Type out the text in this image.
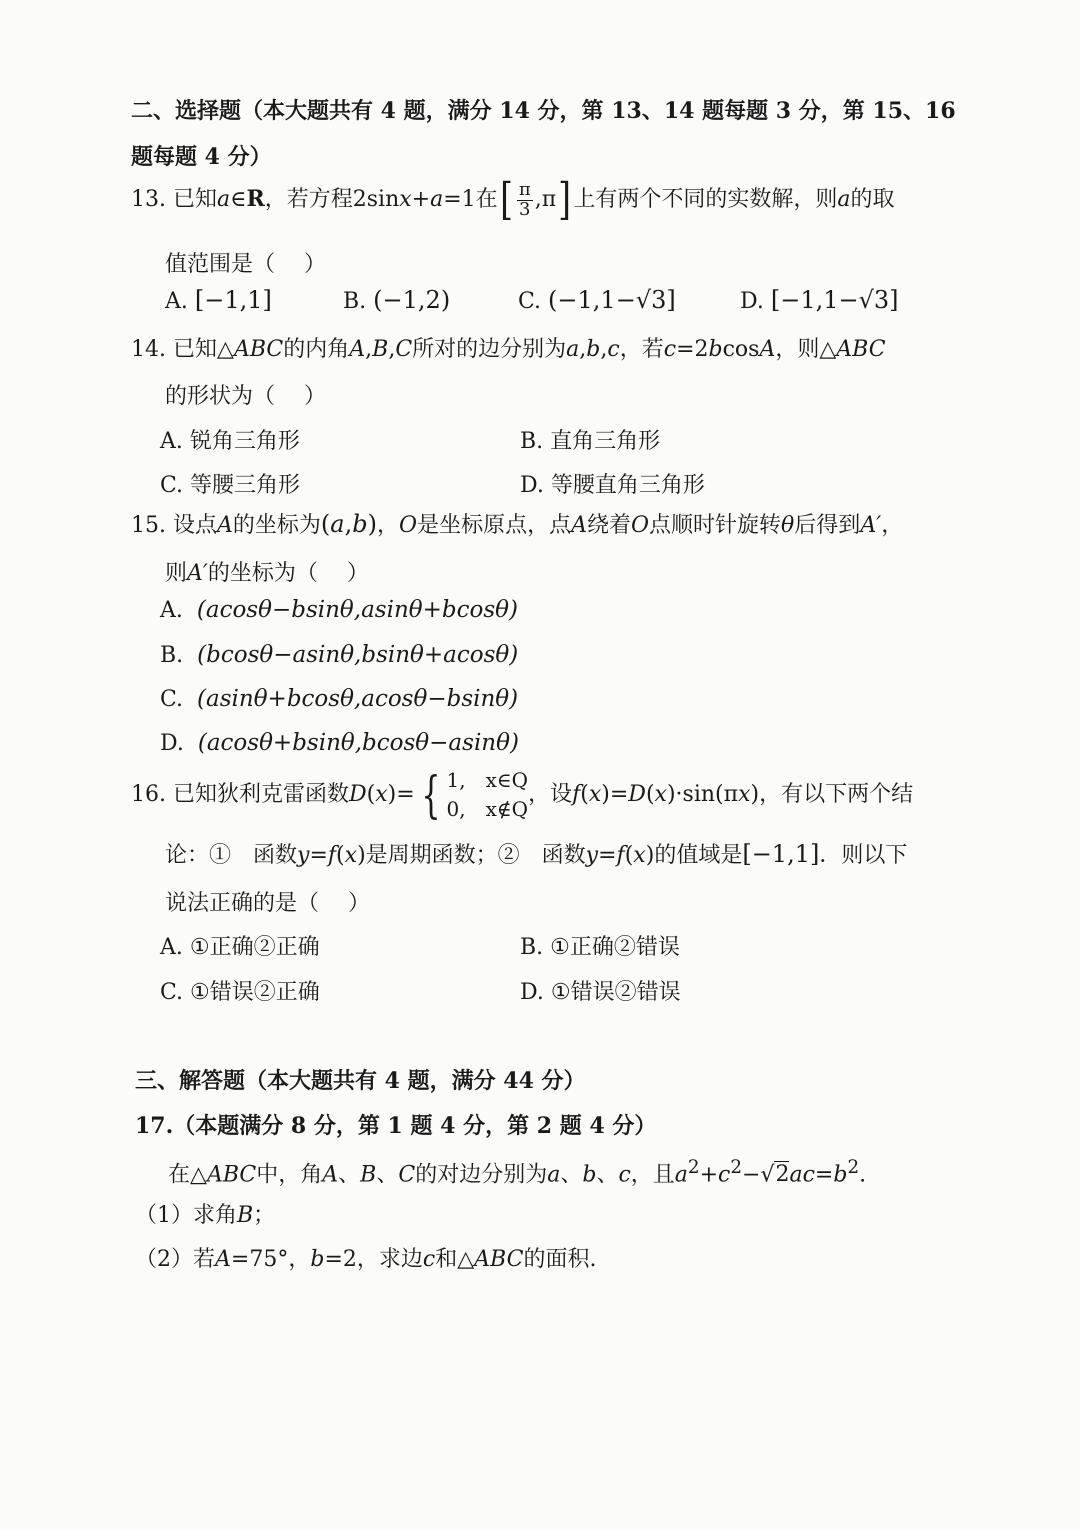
二、选择题（本大题共有 4 题，满分 14 分，第 13、14 题每题 3 分，第 15、16
题每题 4 分）
13. 已知a∈R，若方程2sinx+a=1在[ $\frac{\pi}{3} ,\pi$]上有两个不同的实数解，则a的取
值范围是（　 ）
A. [−1,1]	B. (−1,2)	C. (−1,1−√3]	D. [−1,1−√3]
14. 已知△ABC的内角A,B,C所对的边分别为a,b,c，若c=2bcosA，则△ABC
的形状为（　 ）
A. 锐角三角形	B. 直角三角形
C. 等腰三角形	D. 等腰直角三角形
15. 设点A的坐标为(a,b)，O是坐标原点，点A绕着O点顺时针旋转θ后得到A′，
则A′的坐标为（　 ）
A. (acosθ−bsinθ,asinθ+bcosθ)
B. (bcosθ−asinθ,bsinθ+acosθ)
C. (asinθ+bcosθ,acosθ−bsinθ)
D. (acosθ+bsinθ,bcosθ−asinθ)
16. 已知狄利克雷函数D(x)= { 1,　x∈Q
0,　x∉Q
，设f(x)=D(x)·sin(πx)，有以下两个结
论：①　函数y=f(x)是周期函数；②　函数y=f(x)的值域是[−1,1]．则以下
说法正确的是（　 ）
A. ①正确②正确	B. ①正确②错误
C. ①错误②正确	D. ①错误②错误
三、解答题（本大题共有 4 题，满分 44 分）
17.（本题满分 8 分，第 1 题 4 分，第 2 题 4 分）
在△ABC中，角A、B、C的对边分别为a、b、c，且$a^2+c^2-√2ac=b^2$.
（1）求角B；
（2）若A=75°，b=2，求边c和△ABC的面积.
